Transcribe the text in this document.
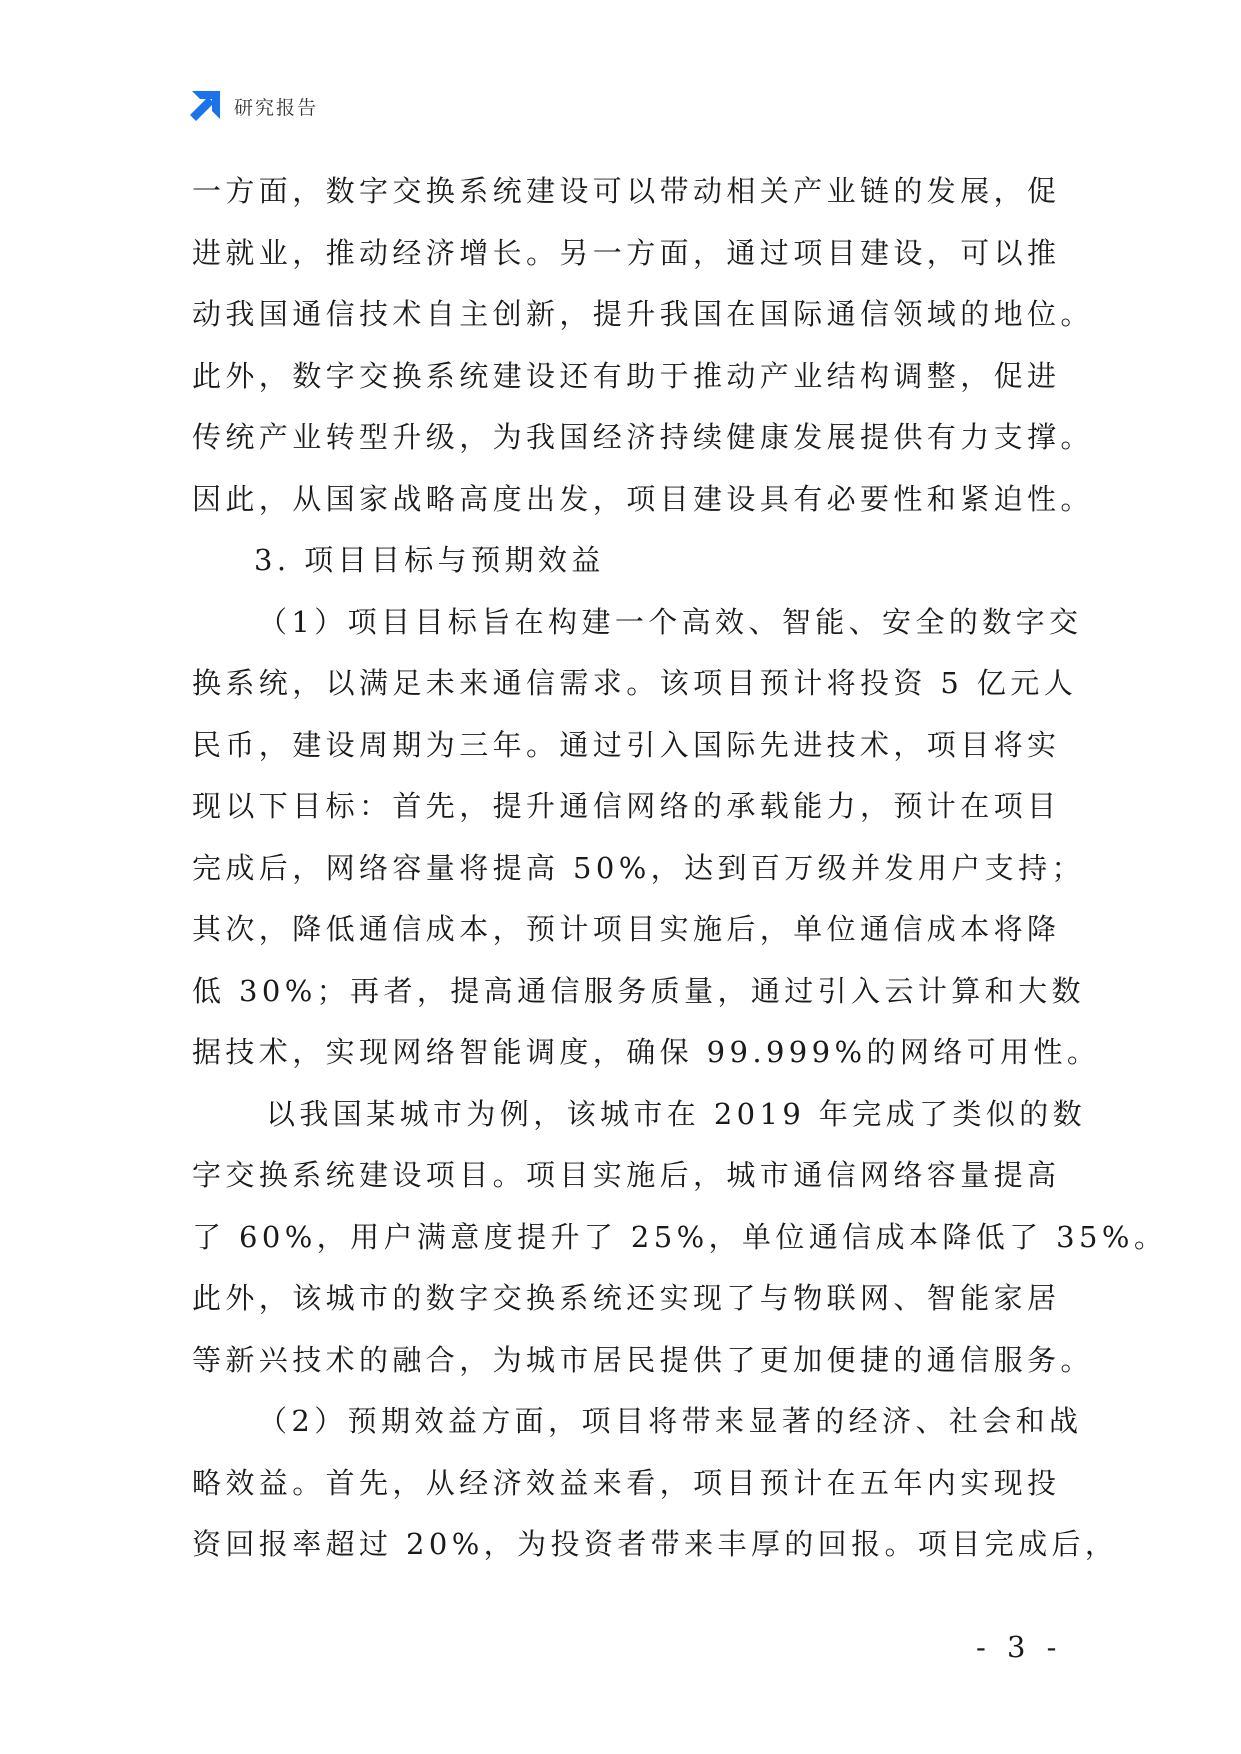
研究报告
一方面，数字交换系统建设可以带动相关产业链的发展，促
进就业，推动经济增长。另一方面，通过项目建设，可以推
动我国通信技术自主创新，提升我国在国际通信领域的地位。
此外，数字交换系统建设还有助于推动产业结构调整，促进
传统产业转型升级，为我国经济持续健康发展提供有力支撑。
因此，从国家战略高度出发，项目建设具有必要性和紧迫性。
3. 项目目标与预期效益
（1）项目目标旨在构建一个高效、智能、安全的数字交
换系统，以满足未来通信需求。该项目预计将投资 5 亿元人
民币，建设周期为三年。通过引入国际先进技术，项目将实
现以下目标：首先，提升通信网络的承载能力，预计在项目
完成后，网络容量将提高 50%，达到百万级并发用户支持；
其次，降低通信成本，预计项目实施后，单位通信成本将降
低 30%；再者，提高通信服务质量，通过引入云计算和大数
据技术，实现网络智能调度，确保 99.999%的网络可用性。
以我国某城市为例，该城市在 2019 年完成了类似的数
字交换系统建设项目。项目实施后，城市通信网络容量提高
了 60%，用户满意度提升了 25%，单位通信成本降低了 35%。
此外，该城市的数字交换系统还实现了与物联网、智能家居
等新兴技术的融合，为城市居民提供了更加便捷的通信服务。
（2）预期效益方面，项目将带来显著的经济、社会和战
略效益。首先，从经济效益来看，项目预计在五年内实现投
资回报率超过 20%，为投资者带来丰厚的回报。项目完成后，
- 3 -
